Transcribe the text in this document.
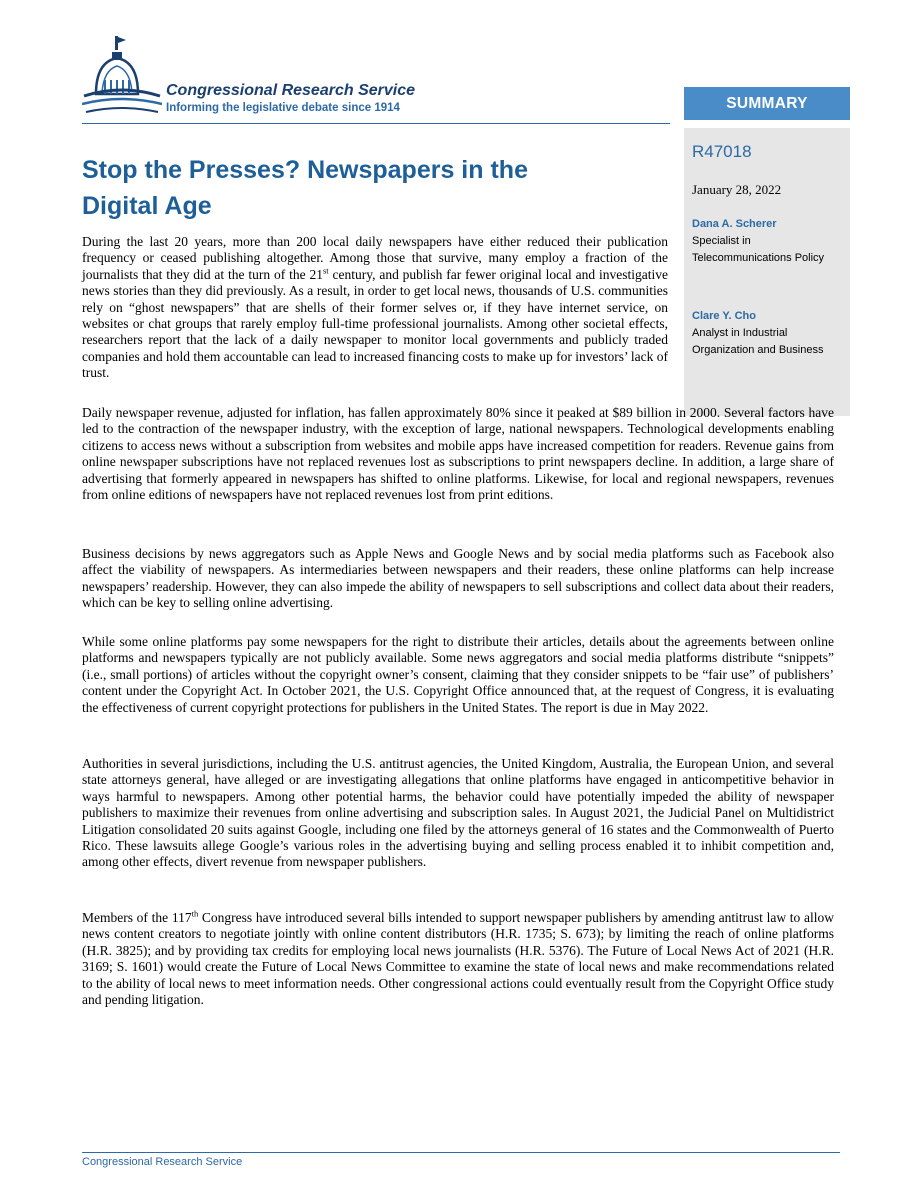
Congressional Research Service
Informing the legislative debate since 1914	SUMMARY
R47018
January 28, 2022
Dana A. Scherer
Specialist in Telecommunications Policy
Clare Y. Cho
Analyst in Industrial Organization and Business
Stop the Presses? Newspapers in the Digital Age

During the last 20 years, more than 200 local daily newspapers have either reduced their publication frequency or ceased publishing altogether. Among those that survive, many employ a fraction of the journalists that they did at the turn of the 21st century, and publish far fewer original local and investigative news stories than they did previously. As a result, in order to get local news, thousands of U.S. communities rely on “ghost newspapers” that are shells of their former selves or, if they have internet service, on websites or chat groups that rarely employ full-time professional journalists. Among other societal effects, researchers report that the lack of a daily newspaper to monitor local governments and publicly traded companies and hold them accountable can lead to increased financing costs to make up for investors’ lack of trust.

Daily newspaper revenue, adjusted for inflation, has fallen approximately 80% since it peaked at $89 billion in 2000. Several factors have led to the contraction of the newspaper industry, with the exception of large, national newspapers. Technological developments enabling citizens to access news without a subscription from websites and mobile apps have increased competition for readers. Revenue gains from online newspaper subscriptions have not replaced revenues lost as subscriptions to print newspapers decline. In addition, a large share of advertising that formerly appeared in newspapers has shifted to online platforms. Likewise, for local and regional newspapers, revenues from online editions of newspapers have not replaced revenues lost from print editions.

Business decisions by news aggregators such as Apple News and Google News and by social media platforms such as Facebook also affect the viability of newspapers. As intermediaries between newspapers and their readers, these online platforms can help increase newspapers’ readership. However, they can also impede the ability of newspapers to sell subscriptions and collect data about their readers, which can be key to selling online advertising.

While some online platforms pay some newspapers for the right to distribute their articles, details about the agreements between online platforms and newspapers typically are not publicly available. Some news aggregators and social media platforms distribute “snippets” (i.e., small portions) of articles without the copyright owner’s consent, claiming that they consider snippets to be “fair use” of publishers’ content under the Copyright Act. In October 2021, the U.S. Copyright Office announced that, at the request of Congress, it is evaluating the effectiveness of current copyright protections for publishers in the United States. The report is due in May 2022.

Authorities in several jurisdictions, including the U.S. antitrust agencies, the United Kingdom, Australia, the European Union, and several state attorneys general, have alleged or are investigating allegations that online platforms have engaged in anticompetitive behavior in ways harmful to newspapers. Among other potential harms, the behavior could have potentially impeded the ability of newspaper publishers to maximize their revenues from online advertising and subscription sales. In August 2021, the Judicial Panel on Multidistrict Litigation consolidated 20 suits against Google, including one filed by the attorneys general of 16 states and the Commonwealth of Puerto Rico. These lawsuits allege Google’s various roles in the advertising buying and selling process enabled it to inhibit competition and, among other effects, divert revenue from newspaper publishers.

Members of the 117th Congress have introduced several bills intended to support newspaper publishers by amending antitrust law to allow news content creators to negotiate jointly with online content distributors (H.R. 1735; S. 673); by limiting the reach of online platforms (H.R. 3825); and by providing tax credits for employing local news journalists (H.R. 5376). The Future of Local News Act of 2021 (H.R. 3169; S. 1601) would create the Future of Local News Committee to examine the state of local news and make recommendations related to the ability of local news to meet information needs. Other congressional actions could eventually result from the Copyright Office study and pending litigation.

Congressional Research Service
